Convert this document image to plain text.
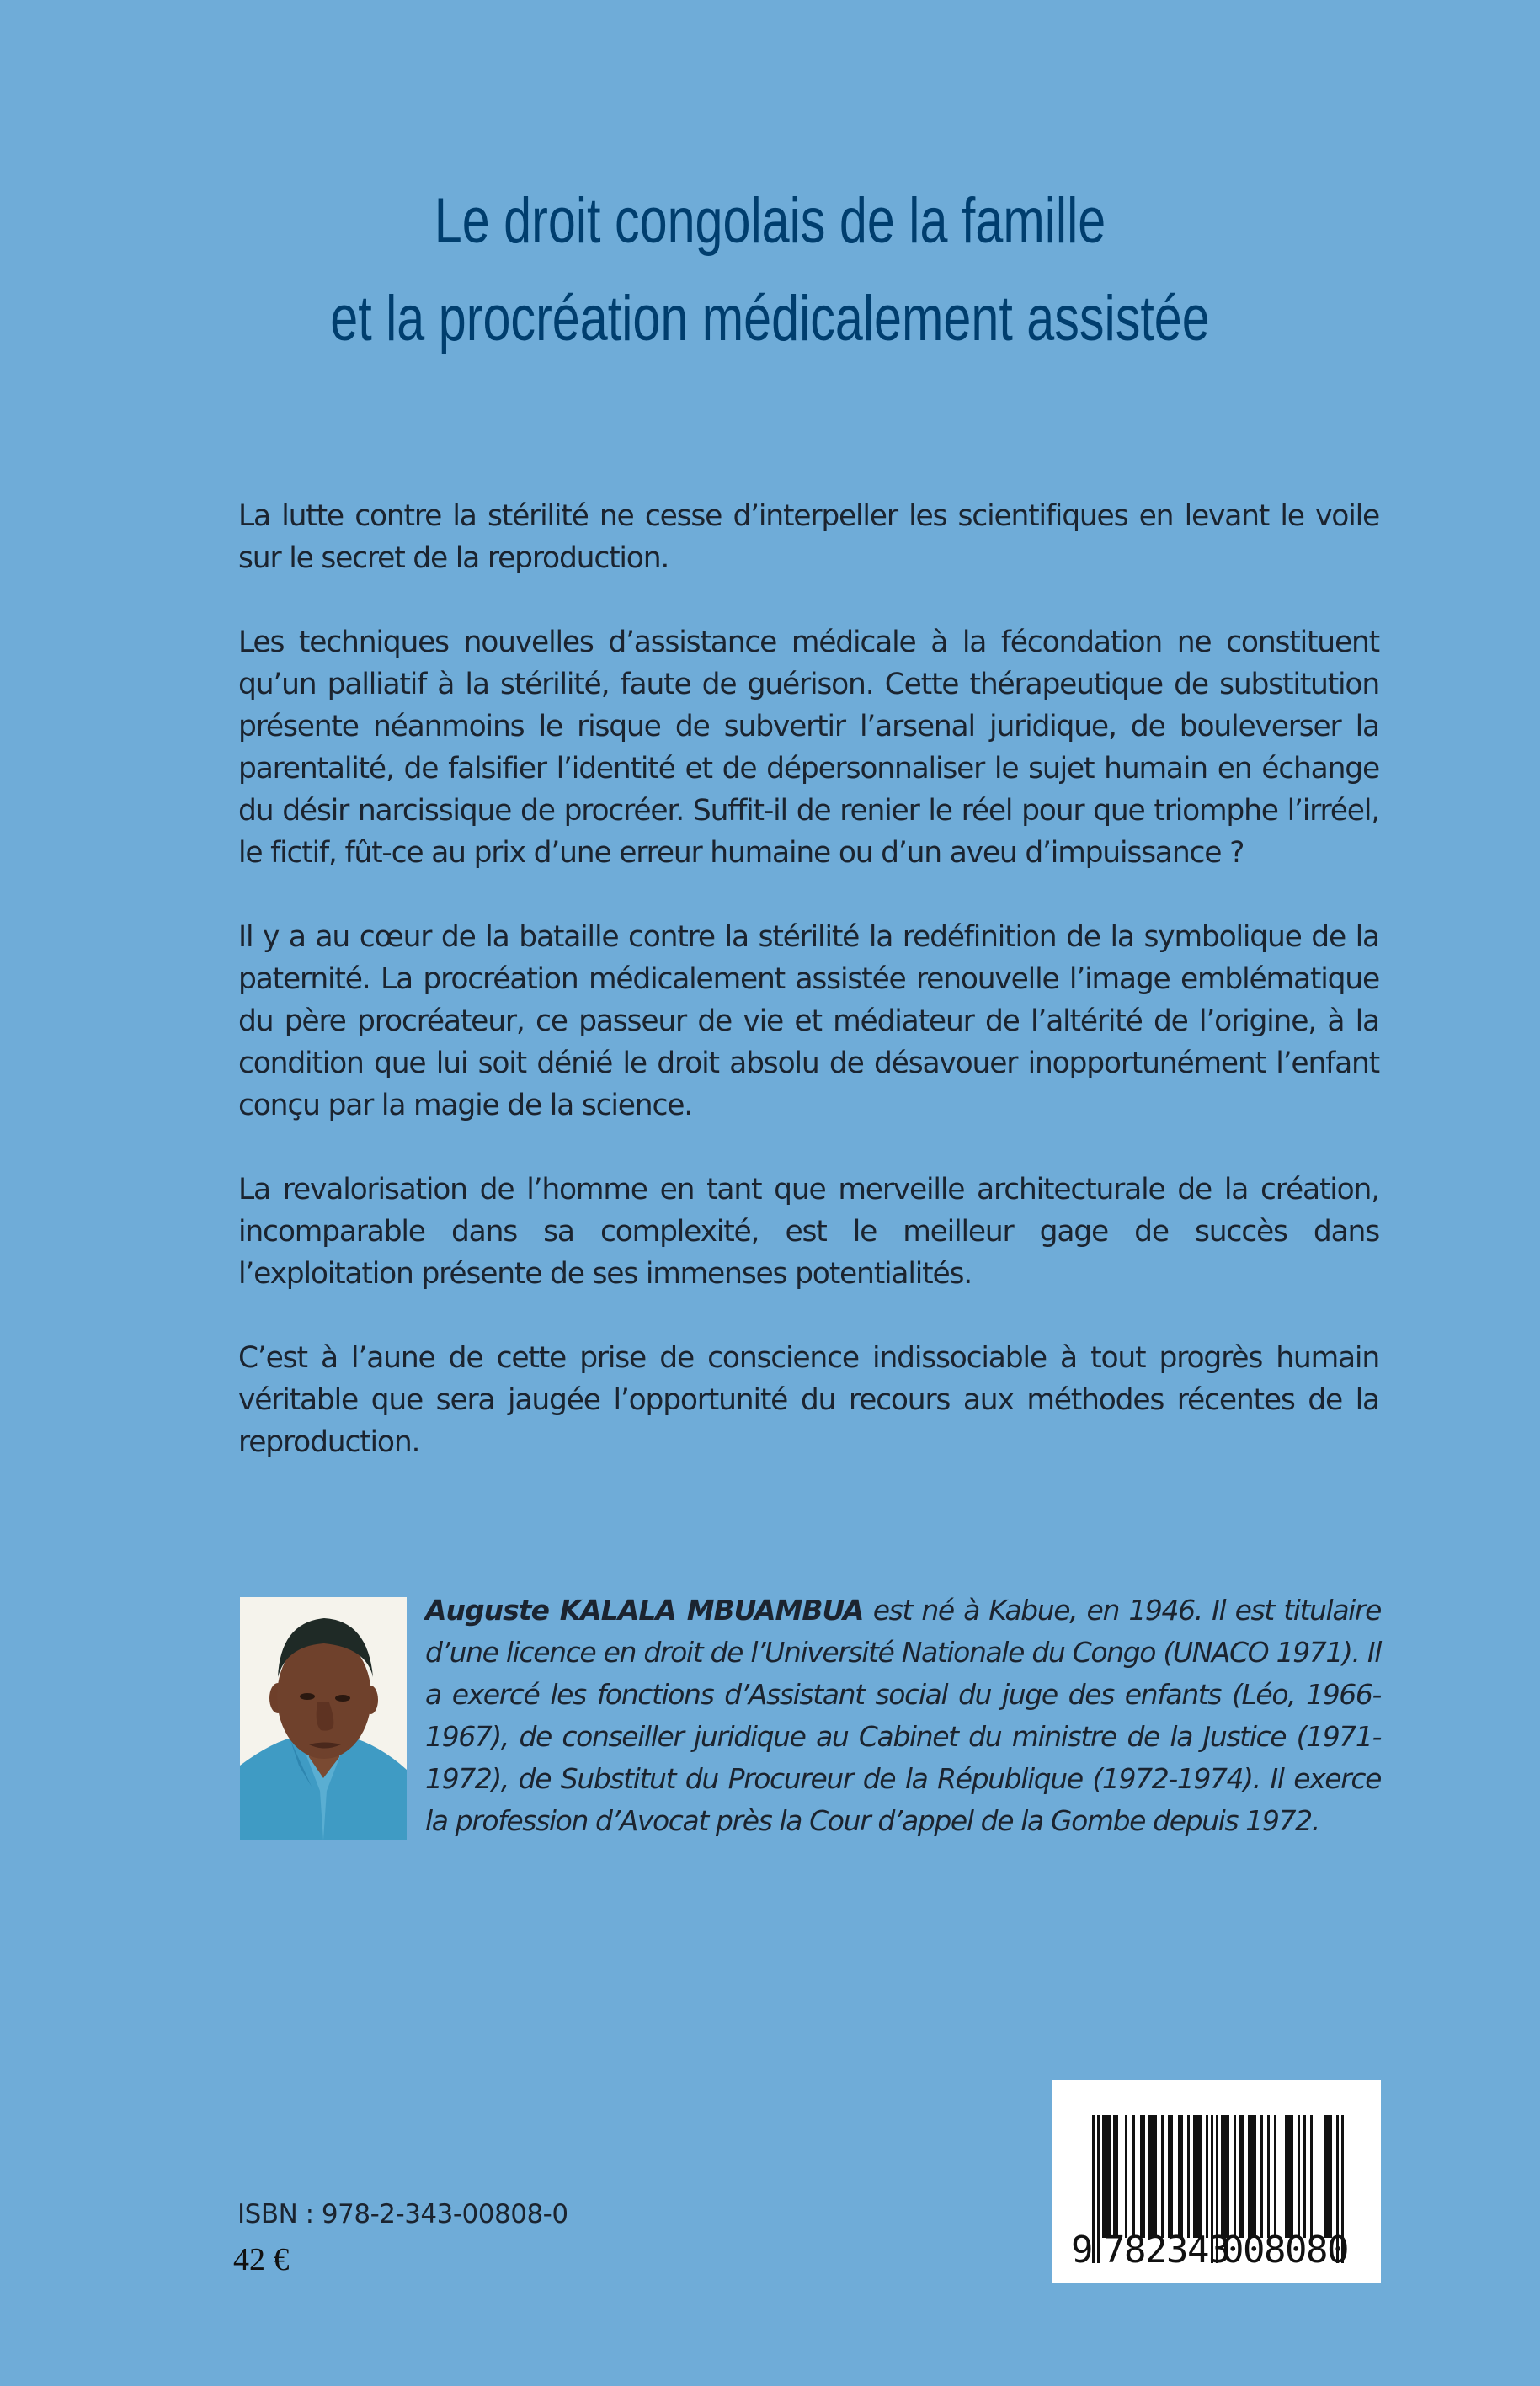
Le droit congolais de la famille
et la procréation médicalement assistée

La lutte contre la stérilité ne cesse d’interpeller les scientifiques en levant le voile sur le secret de la reproduction.

Les techniques nouvelles d’assistance médicale à la fécondation ne constituent qu’un palliatif à la stérilité, faute de guérison. Cette thérapeutique de substitution présente néanmoins le risque de subvertir l’arsenal juridique, de bouleverser la parentalité, de falsifier l’identité et de dépersonnaliser le sujet humain en échange du désir narcissique de procréer. Suffit-il de renier le réel pour que triomphe l’irréel, le fictif, fût-ce au prix d’une erreur humaine ou d’un aveu d’impuissance ?

Il y a au cœur de la bataille contre la stérilité la redéfinition de la symbolique de la paternité. La procréation médicalement assistée renouvelle l’image emblématique du père procréateur, ce passeur de vie et médiateur de l’altérité de l’origine, à la condition que lui soit dénié le droit absolu de désavouer inopportunément l’enfant conçu par la magie de la science.

La revalorisation de l’homme en tant que merveille architecturale de la création, incomparable dans sa complexité, est le meilleur gage de succès dans l’exploitation présente de ses immenses potentialités.

C’est à l’aune de cette prise de conscience indissociable à tout progrès humain véritable que sera jaugée l’opportunité du recours aux méthodes récentes de la reproduction.

Auguste KALALA MBUAMBUA est né à Kabue, en 1946. Il est titulaire d’une licence en droit de l’Université Nationale du Congo (UNACO 1971). Il a exercé les fonctions d’Assistant social du juge des enfants (Léo, 1966-1967), de conseiller juridique au Cabinet du ministre de la Justice (1971-1972), de Substitut du Procureur de la République (1972-1974). Il exerce la profession d’Avocat près la Cour d’appel de la Gombe depuis 1972.
ISBN : 978-2-343-00808-0
42 €	9 782343
008080
